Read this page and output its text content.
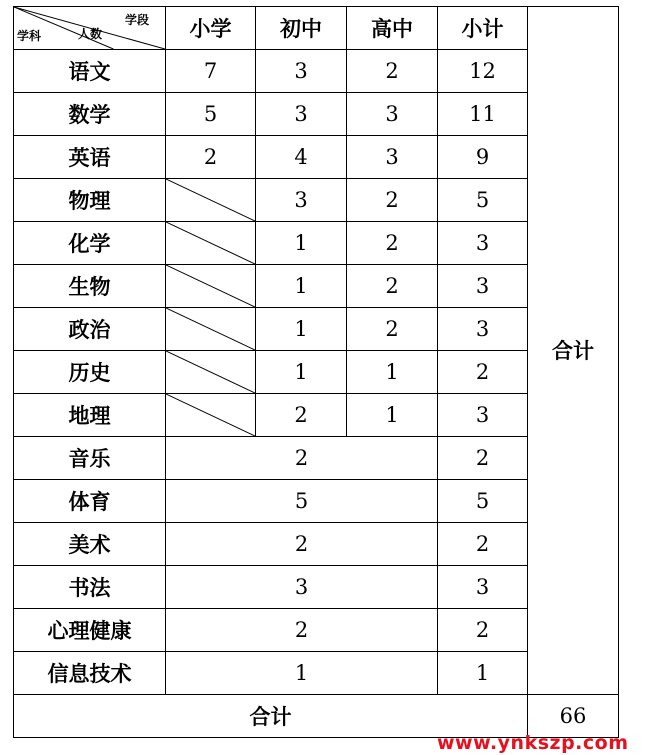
学段
人数
学科	小学	初中	高中	小计	合计
语文	7	3	2	12	
数学	5	3	3	11	
英语	2	4	3	9	
物理		3	2	5	
化学		1	2	3	
生物		1	2	3	
政治		1	2	3	
历史		1	1	2	
地理		2	1	3	
音乐	2			2	
体育	5			5	
美术	2			2	
书法	3			3	
心理健康	2			2	
信息技术	1			1	
合计					66
www.ynkszp.com
